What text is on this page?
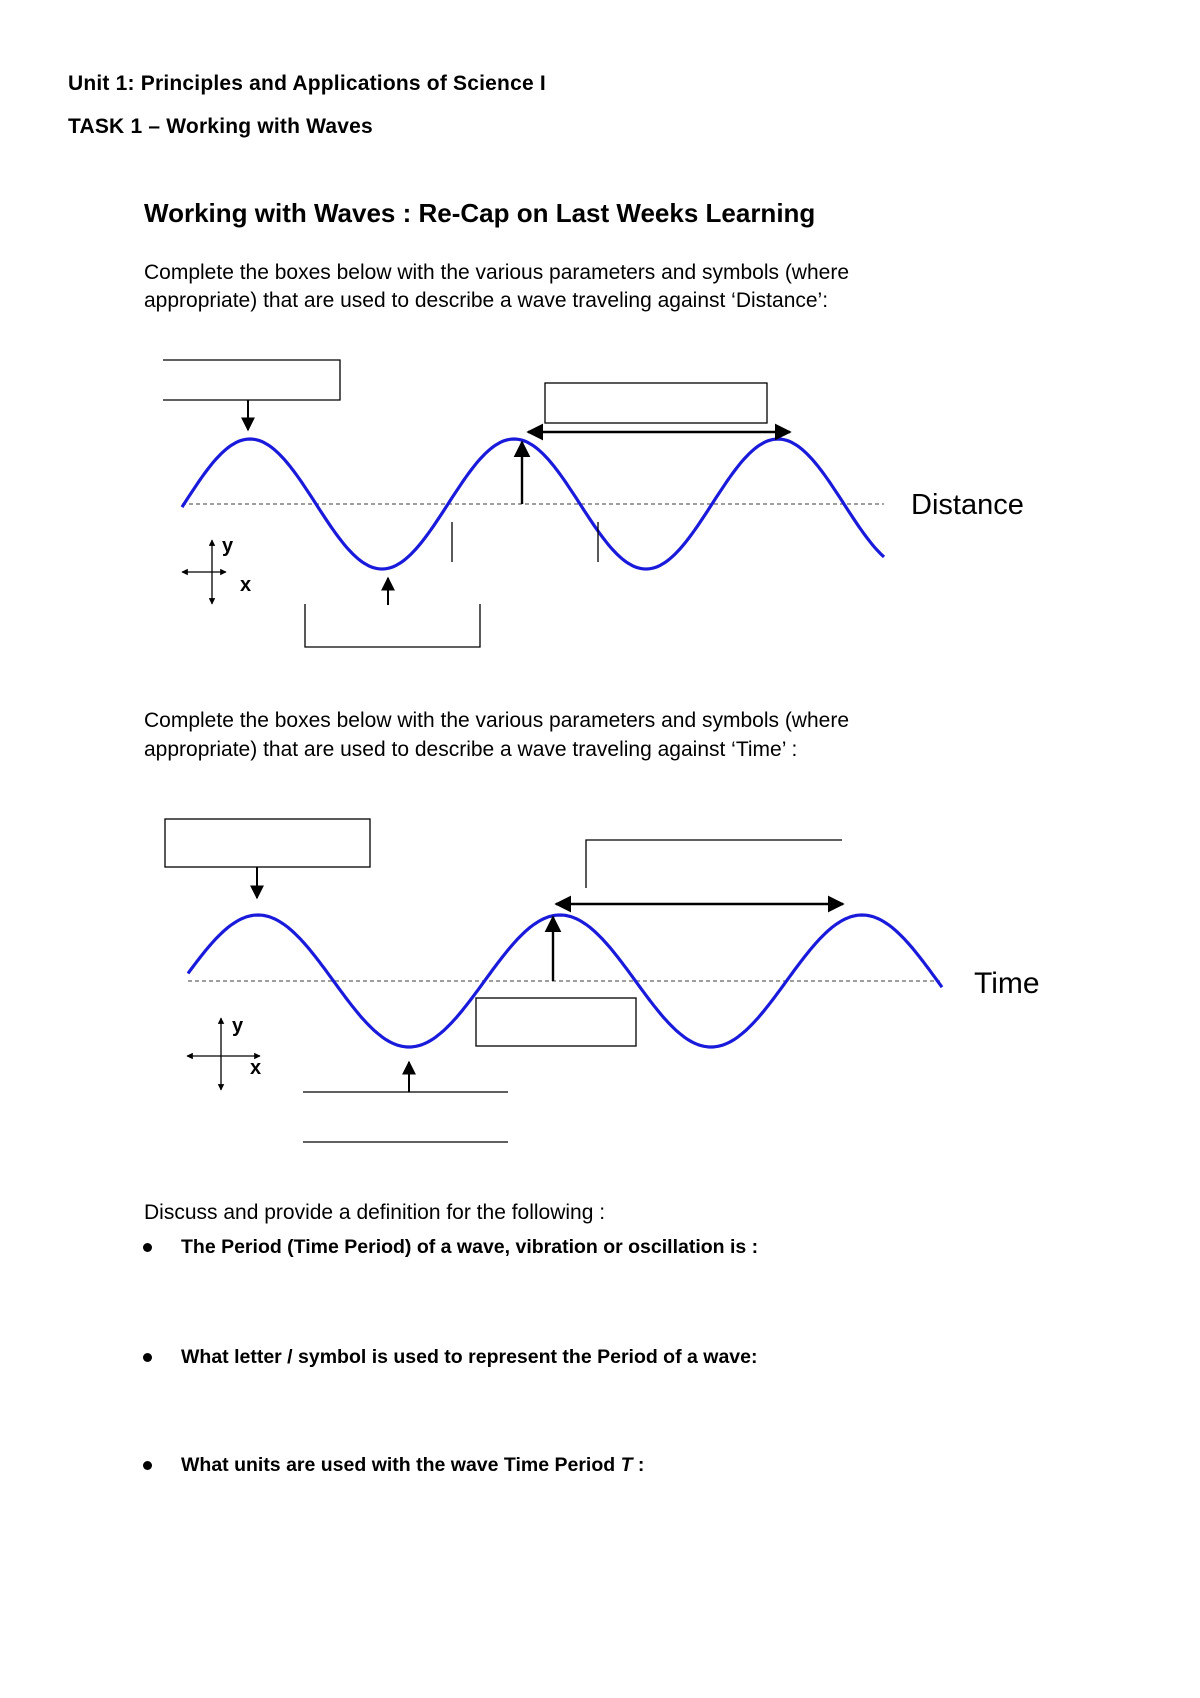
Unit 1: Principles and Applications of Science I
TASK 1 – Working with Waves
Working with Waves : Re-Cap on Last Weeks Learning
Complete the boxes below with the various parameters and symbols (where
appropriate) that are used to describe a wave traveling against ‘Distance’:
y
x
Distance
y
x
Time
Complete the boxes below with the various parameters and symbols (where
appropriate) that are used to describe a wave traveling against ‘Time’ :
Discuss and provide a definition for the following :
The Period (Time Period) of a wave, vibration or oscillation is :
What letter / symbol is used to represent the Period of a wave:
What units are used with the wave Time Period T :
